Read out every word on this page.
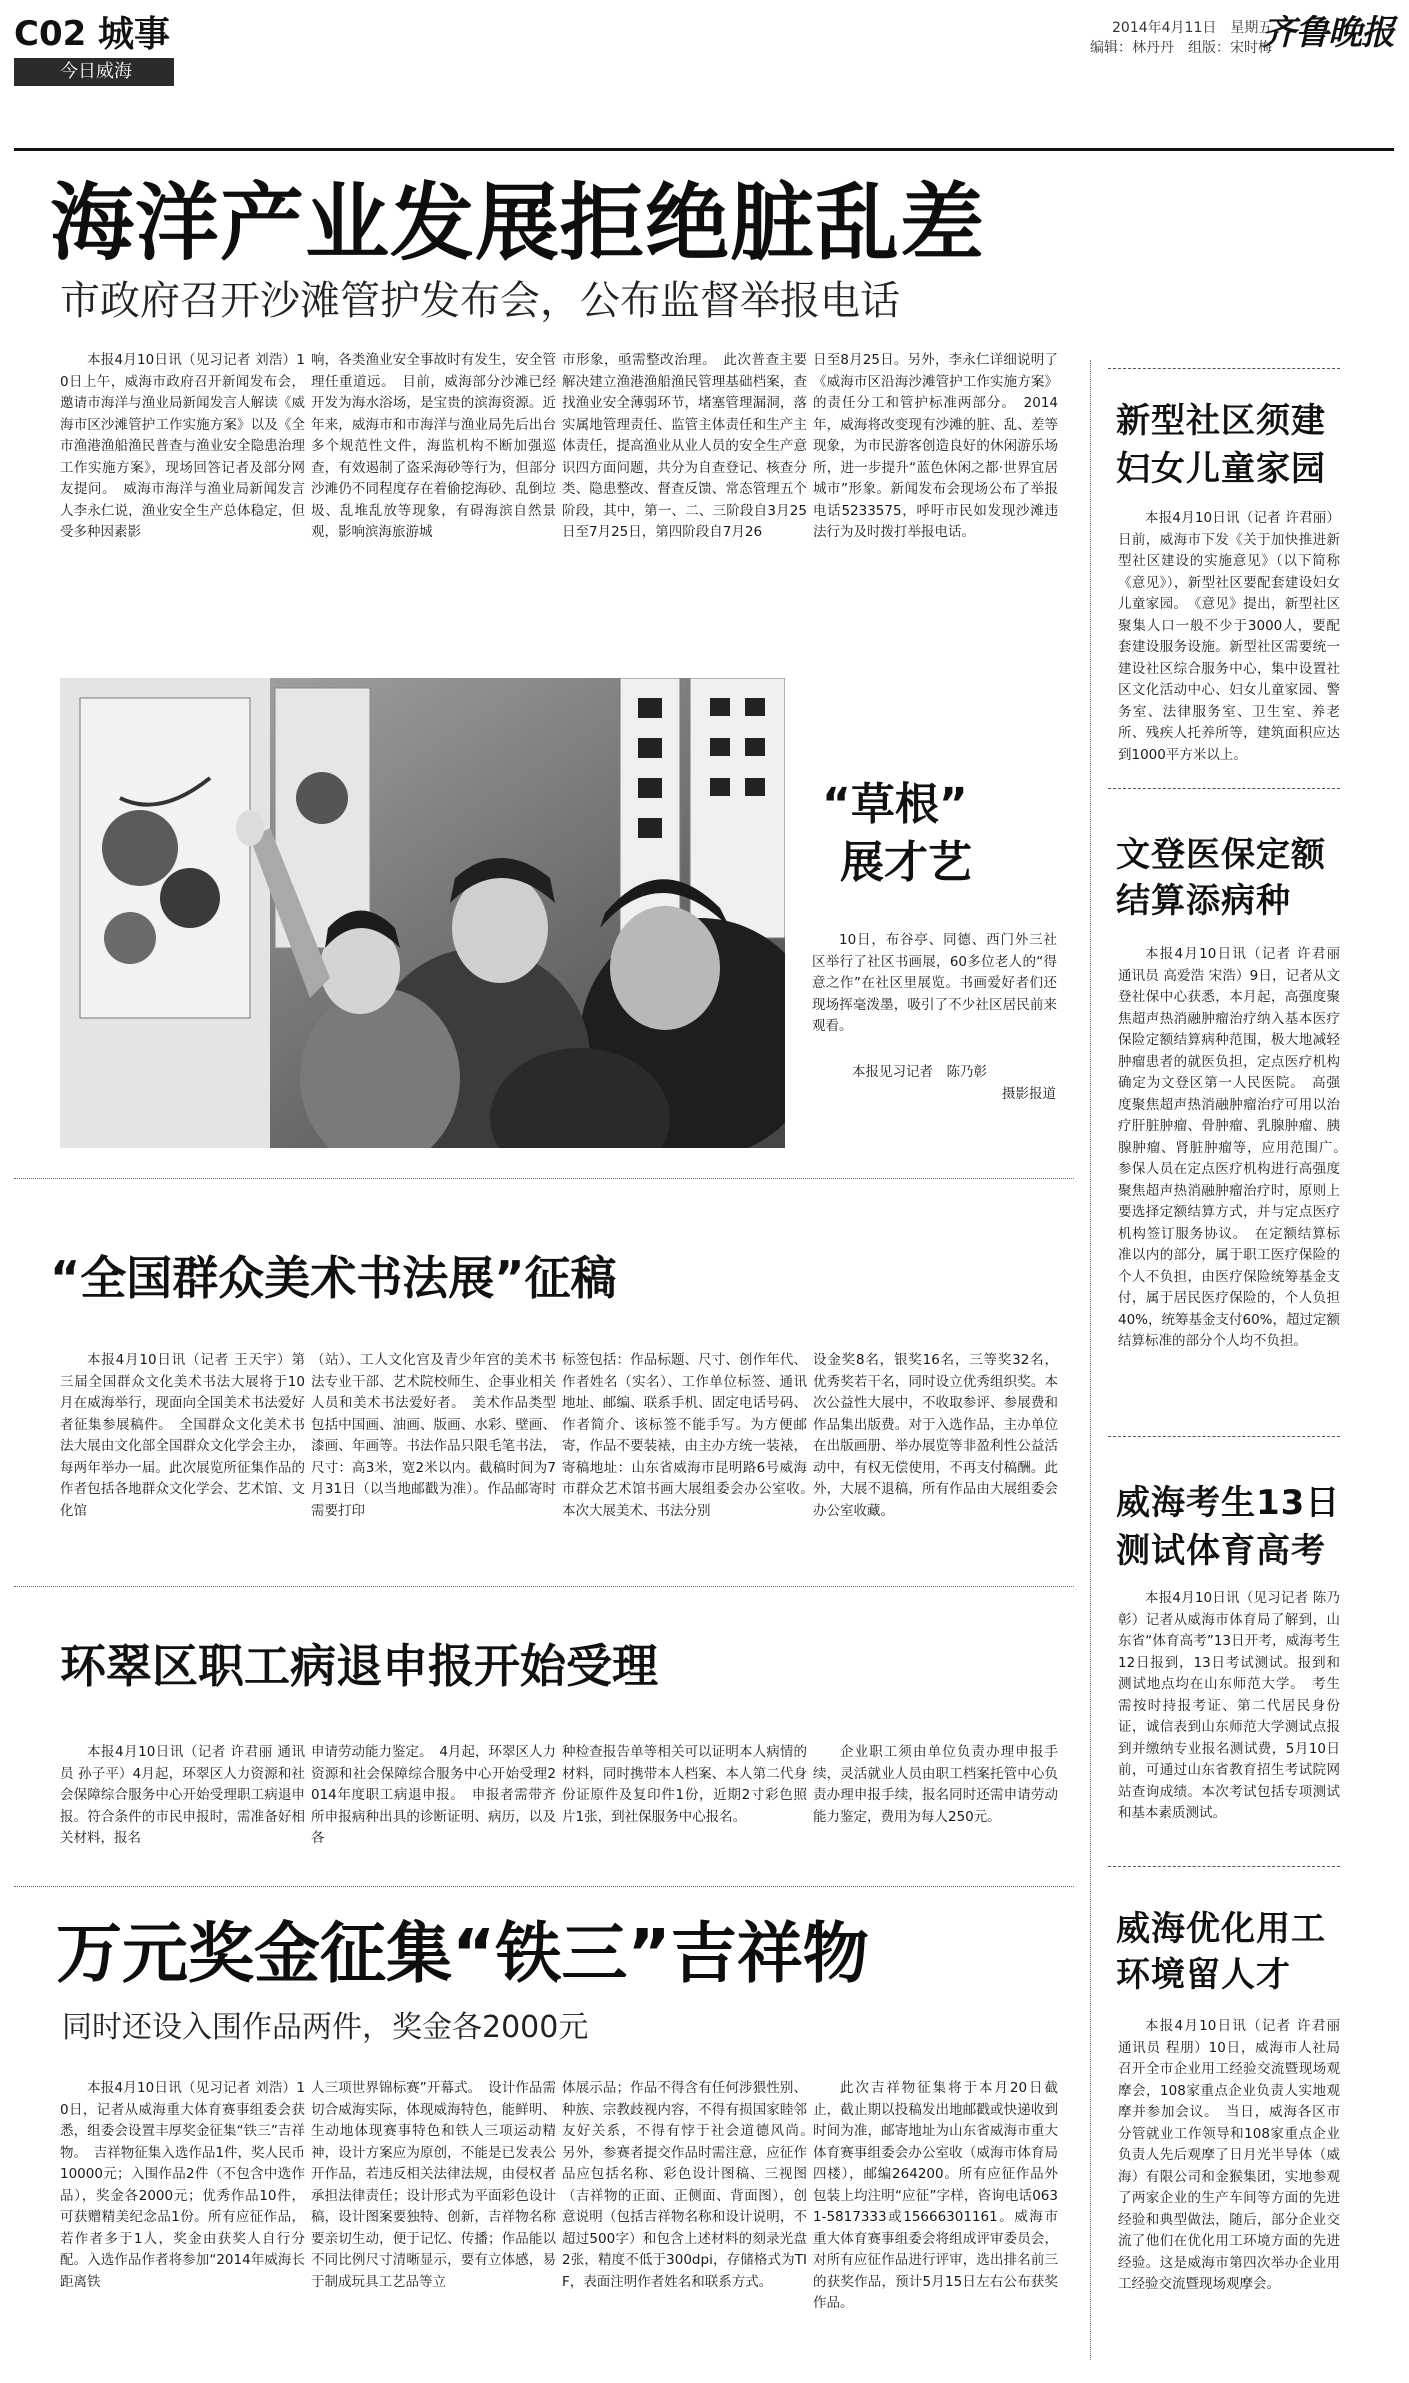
C02 城事
今日威海
2014年4月11日　星期五
编辑：林丹丹　组版：宋时梅
齐鲁晚报
海洋产业发展拒绝脏乱差
市政府召开沙滩管护发布会，公布监督举报电话

本报4月10日讯（见习记者 刘浩）10日上午，威海市政府召开新闻发布会，邀请市海洋与渔业局新闻发言人解读《威海市区沙滩管护工作实施方案》以及《全市渔港渔船渔民普查与渔业安全隐患治理工作实施方案》，现场回答记者及部分网友提问。　威海市海洋与渔业局新闻发言人李永仁说，渔业安全生产总体稳定，但受多种因素影

响，各类渔业安全事故时有发生，安全管理任重道远。　目前，威海部分沙滩已经开发为海水浴场，是宝贵的滨海资源。近年来，威海市和市海洋与渔业局先后出台多个规范性文件，海监机构不断加强巡查，有效遏制了盗采海砂等行为，但部分沙滩仍不同程度存在着偷挖海砂、乱倒垃圾、乱堆乱放等现象，有碍海滨自然景观，影响滨海旅游城

市形象，亟需整改治理。　此次普查主要解决建立渔港渔船渔民管理基础档案，查找渔业安全薄弱环节，堵塞管理漏洞，落实属地管理责任、监管主体责任和生产主体责任，提高渔业从业人员的安全生产意识四方面问题，共分为自查登记、核查分类、隐患整改、督查反馈、常态管理五个阶段，其中，第一、二、三阶段自3月25日至7月25日，第四阶段自7月26

日至8月25日。另外，李永仁详细说明了《威海市区沿海沙滩管护工作实施方案》的责任分工和管护标准两部分。　2014年，威海将改变现有沙滩的脏、乱、差等现象，为市民游客创造良好的休闲游乐场所，进一步提升“蓝色休闲之都·世界宜居城市”形象。新闻发布会现场公布了举报电话5233575，呼吁市民如发现沙滩违法行为及时拨打举报电话。

“草根”
展才艺

10日，布谷亭、同德、西门外三社区举行了社区书画展，60多位老人的“得意之作”在社区里展览。书画爱好者们还现场挥毫泼墨，吸引了不少社区居民前来观看。

本报见习记者　陈乃彰
摄影报道
“全国群众美术书法展”征稿

本报4月10日讯（记者 王天宇）第三届全国群众文化美术书法大展将于10月在威海举行，现面向全国美术书法爱好者征集参展稿件。　全国群众文化美术书法大展由文化部全国群众文化学会主办，每两年举办一届。此次展览所征集作品的作者包括各地群众文化学会、艺术馆、文化馆

（站）、工人文化宫及青少年宫的美术书法专业干部、艺术院校师生、企事业相关人员和美术书法爱好者。　美术作品类型包括中国画、油画、版画、水彩、壁画、漆画、年画等。书法作品只限毛笔书法，尺寸：高3米，宽2米以内。截稿时间为7月31日（以当地邮戳为准）。作品邮寄时需要打印

标签包括：作品标题、尺寸、创作年代、作者姓名（实名）、工作单位标签、通讯地址、邮编、联系手机、固定电话号码、作者简介、该标签不能手写。为方便邮寄，作品不要装裱，由主办方统一装裱，寄稿地址：山东省威海市昆明路6号威海市群众艺术馆书画大展组委会办公室收。　本次大展美术、书法分别

设金奖8名，银奖16名，三等奖32名，优秀奖若干名，同时设立优秀组织奖。本次公益性大展中，不收取参评、参展费和作品集出版费。对于入选作品，主办单位在出版画册、举办展览等非盈利性公益活动中，有权无偿使用，不再支付稿酬。此外，大展不退稿，所有作品由大展组委会办公室收藏。

环翠区职工病退申报开始受理

本报4月10日讯（记者 许君丽 通讯员 孙子平）4月起，环翠区人力资源和社会保障综合服务中心开始受理职工病退申报。符合条件的市民申报时，需准备好相关材料，报名

申请劳动能力鉴定。　4月起，环翠区人力资源和社会保障综合服务中心开始受理2014年度职工病退申报。　申报者需带齐所申报病种出具的诊断证明、病历，以及各

种检查报告单等相关可以证明本人病情的材料，同时携带本人档案、本人第二代身份证原件及复印件1份，近期2寸彩色照片1张，到社保服务中心报名。

企业职工须由单位负责办理申报手续，灵活就业人员由职工档案托管中心负责办理申报手续，报名同时还需申请劳动能力鉴定，费用为每人250元。

万元奖金征集“铁三”吉祥物
同时还设入围作品两件，奖金各2000元

本报4月10日讯（见习记者 刘浩）10日，记者从威海重大体育赛事组委会获悉，组委会设置丰厚奖金征集“铁三”吉祥物。　吉祥物征集入选作品1件，奖人民币10000元；入围作品2件（不包含中选作品），奖金各2000元；优秀作品10件，可获赠精美纪念品1份。所有应征作品，若作者多于1人，奖金由获奖人自行分配。入选作品作者将参加“2014年威海长距离铁

人三项世界锦标赛”开幕式。　设计作品需切合威海实际，体现威海特色，能鲜明、生动地体现赛事特色和铁人三项运动精神，设计方案应为原创，不能是已发表公开作品，若违反相关法律法规，由侵权者承担法律责任；设计形式为平面彩色设计稿，设计图案要独特、创新，吉祥物名称要亲切生动，便于记忆、传播；作品能以不同比例尺寸清晰显示，要有立体感，易于制成玩具工艺品等立

体展示品；作品不得含有任何涉猥性别、种族、宗教歧视内容，不得有损国家睦邻友好关系，不得有悖于社会道德风尚。　另外，参赛者提交作品时需注意，应征作品应包括名称、彩色设计图稿、三视图（吉祥物的正面、正侧面、背面图），创意说明（包括吉祥物名称和设计说明，不超过500字）和包含上述材料的刻录光盘2张，精度不低于300dpi，存储格式为TIF，表面注明作者姓名和联系方式。

此次吉祥物征集将于本月20日截止，截止期以投稿发出地邮戳或快递收到时间为准，邮寄地址为山东省威海市重大体育赛事组委会办公室收（威海市体育局四楼），邮编264200。所有应征作品外包装上均注明“应征”字样，咨询电话0631-5817333或15666301161。威海市重大体育赛事组委会将组成评审委员会，对所有应征作品进行评审，选出排名前三的获奖作品，预计5月15日左右公布获奖作品。

新型社区须建
妇女儿童家园

本报4月10日讯（记者 许君丽）日前，威海市下发《关于加快推进新型社区建设的实施意见》（以下简称《意见》），新型社区要配套建设妇女儿童家园。　《意见》提出，新型社区聚集人口一般不少于3000人，要配套建设服务设施。新型社区需要统一建设社区综合服务中心，集中设置社区文化活动中心、妇女儿童家园、警务室、法律服务室、卫生室、养老所、残疾人托养所等，建筑面积应达到1000平方米以上。

文登医保定额
结算添病种

本报4月10日讯（记者 许君丽 通讯员 高爱浩 宋浩）9日，记者从文登社保中心获悉，本月起，高强度聚焦超声热消融肿瘤治疗纳入基本医疗保险定额结算病种范围，极大地减轻肿瘤患者的就医负担，定点医疗机构确定为文登区第一人民医院。　高强度聚焦超声热消融肿瘤治疗可用以治疗肝脏肿瘤、骨肿瘤、乳腺肿瘤、胰腺肿瘤、肾脏肿瘤等，应用范围广。　参保人员在定点医疗机构进行高强度聚焦超声热消融肿瘤治疗时，原则上要选择定额结算方式，并与定点医疗机构签订服务协议。　在定额结算标准以内的部分，属于职工医疗保险的个人不负担，由医疗保险统筹基金支付，属于居民医疗保险的，个人负担40%，统筹基金支付60%，超过定额结算标准的部分个人均不负担。

威海考生13日
测试体育高考

本报4月10日讯（见习记者 陈乃彰）记者从威海市体育局了解到，山东省“体育高考”13日开考，威海考生12日报到，13日考试测试。报到和测试地点均在山东师范大学。　考生需按时持报考证、第二代居民身份证，诚信表到山东师范大学测试点报到并缴纳专业报名测试费，5月10日前，可通过山东省教育招生考试院网站查询成绩。本次考试包括专项测试和基本素质测试。

威海优化用工
环境留人才

本报4月10日讯（记者 许君丽 通讯员 程朋）10日，威海市人社局召开全市企业用工经验交流暨现场观摩会，108家重点企业负责人实地观摩并参加会议。　当日，威海各区市分管就业工作领导和108家重点企业负责人先后观摩了日月光半导体（威海）有限公司和金猴集团，实地参观了两家企业的生产车间等方面的先进经验和典型做法，随后，部分企业交流了他们在优化用工环境方面的先进经验。这是威海市第四次举办企业用工经验交流暨现场观摩会。
